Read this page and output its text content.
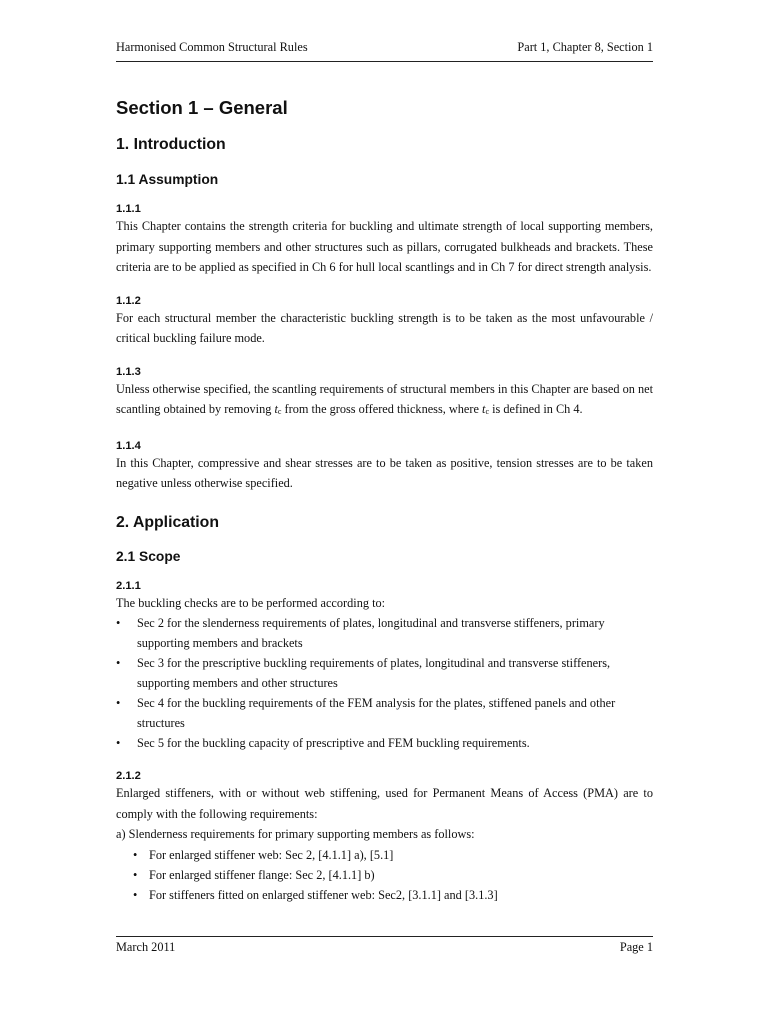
Harmonised Common Structural Rules	Part 1, Chapter 8, Section 1
Section 1 – General
1. Introduction
1.1 Assumption
1.1.1

This Chapter contains the strength criteria for buckling and ultimate strength of local supporting members, primary supporting members and other structures such as pillars, corrugated bulkheads and brackets. These criteria are to be applied as specified in Ch 6 for hull local scantlings and in Ch 7 for direct strength analysis.

1.1.2

For each structural member the characteristic buckling strength is to be taken as the most unfavourable / critical buckling failure mode.

1.1.3

Unless otherwise specified, the scantling requirements of structural members in this Chapter are based on net scantling obtained by removing tc from the gross offered thickness, where tc is defined in Ch 4.

1.1.4

In this Chapter, compressive and shear stresses are to be taken as positive, tension stresses are to be taken negative unless otherwise specified.

2. Application
2.1 Scope
2.1.1

The buckling checks are to be performed according to:

• Sec 2 for the slenderness requirements of plates, longitudinal and transverse stiffeners, primary supporting members and brackets
• Sec 3 for the prescriptive buckling requirements of plates, longitudinal and transverse stiffeners, supporting members and other structures
• Sec 4 for the buckling requirements of the FEM analysis for the plates, stiffened panels and other structures
• Sec 5 for the buckling capacity of prescriptive and FEM buckling requirements.
2.1.2

Enlarged stiffeners, with or without web stiffening, used for Permanent Means of Access (PMA) are to comply with the following requirements:

a) Slenderness requirements for primary supporting members as follows:

• For enlarged stiffener web: Sec 2, [4.1.1] a), [5.1]
• For enlarged stiffener flange: Sec 2, [4.1.1] b)
• For stiffeners fitted on enlarged stiffener web: Sec2, [3.1.1] and [3.1.3]
March 2011	Page 1
